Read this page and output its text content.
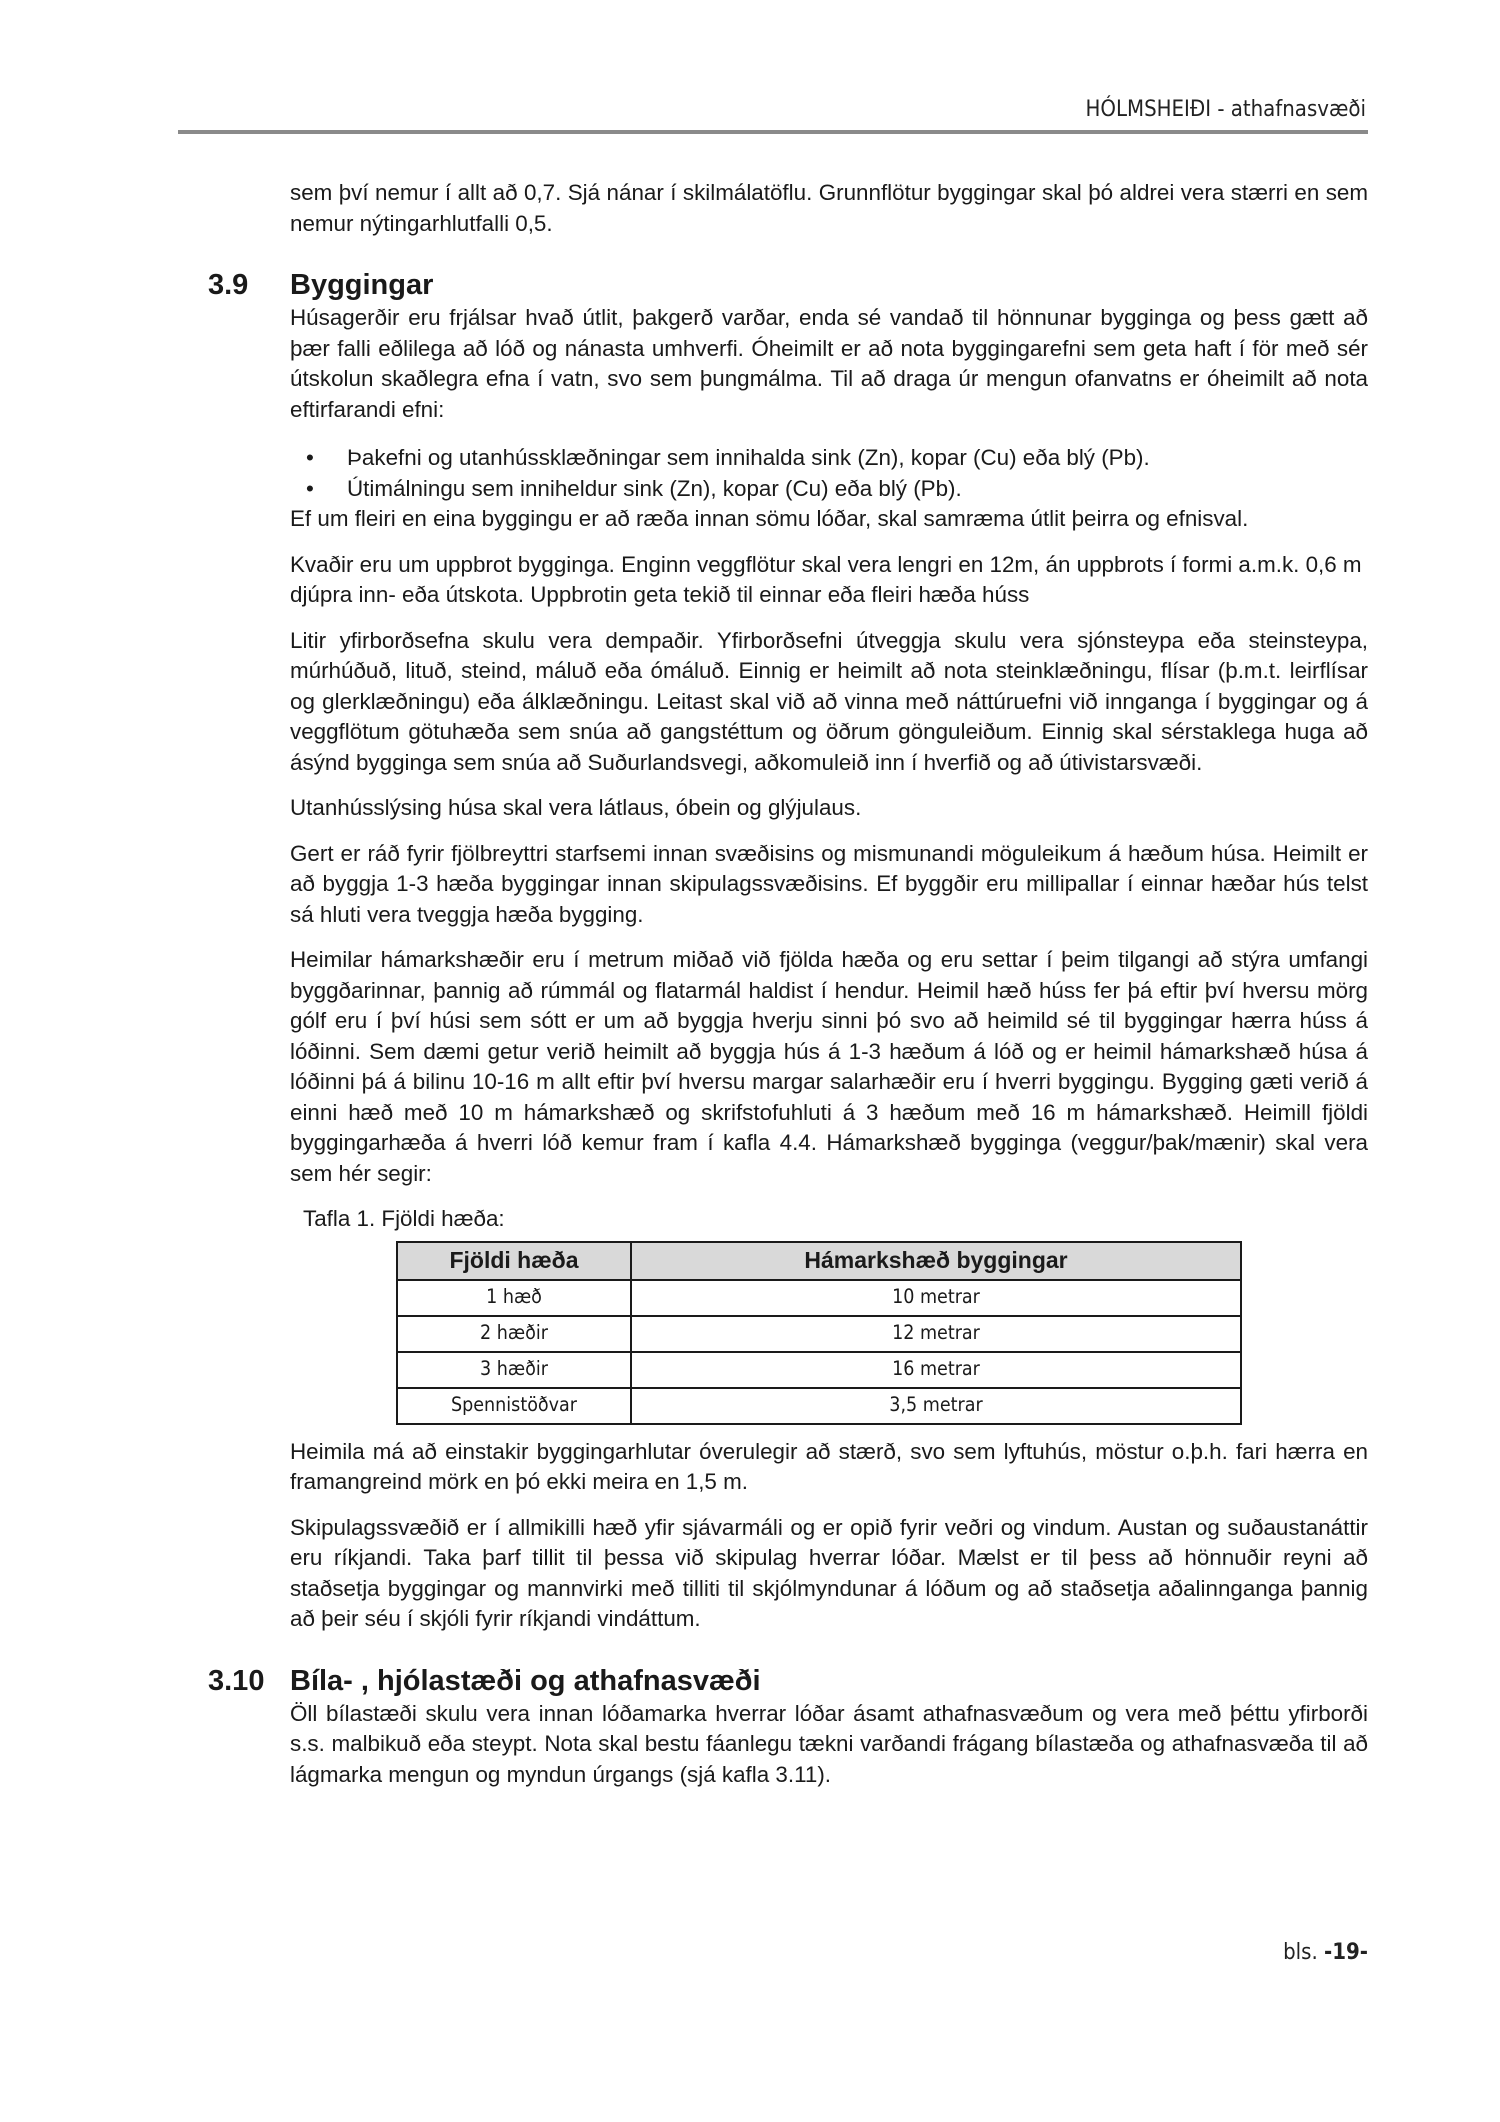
HÓLMSHEIÐI - athafnasvæði

sem því nemur í allt að 0,7. Sjá nánar í skilmálatöflu. Grunnflötur byggingar skal þó aldrei vera stærri en sem nemur nýtingarhlutfalli 0,5.

3.9	Byggingar

Húsagerðir eru frjálsar hvað útlit, þakgerð varðar, enda sé vandað til hönnunar bygginga og þess gætt að þær falli eðlilega að lóð og nánasta umhverfi. Óheimilt er að nota byggingarefni sem geta haft í för með sér útskolun skaðlegra efna í vatn, svo sem þungmálma. Til að draga úr mengun ofanvatns er óheimilt að nota eftirfarandi efni:

• Þakefni og utanhússklæðningar sem innihalda sink (Zn), kopar (Cu) eða blý (Pb).
• Útimálningu sem inniheldur sink (Zn), kopar (Cu) eða blý (Pb).

Ef um fleiri en eina byggingu er að ræða innan sömu lóðar, skal samræma útlit þeirra og efnisval.

Kvaðir eru um uppbrot bygginga. Enginn veggflötur skal vera lengri en 12m, án uppbrots í formi a.m.k. 0,6 m djúpra inn- eða útskota. Uppbrotin geta tekið til einnar eða fleiri hæða húss

Litir yfirborðsefna skulu vera dempaðir. Yfirborðsefni útveggja skulu vera sjónsteypa eða steinsteypa, múrhúðuð, lituð, steind, máluð eða ómáluð. Einnig er heimilt að nota steinklæðningu, flísar (þ.m.t. leirflísar og glerklæðningu) eða álklæðningu. Leitast skal við að vinna með náttúruefni við innganga í byggingar og á veggflötum götuhæða sem snúa að gangstéttum og öðrum gönguleiðum. Einnig skal sérstaklega huga að ásýnd bygginga sem snúa að Suðurlandsvegi, aðkomuleið inn í hverfið og að útivistarsvæði.

Utanhússlýsing húsa skal vera látlaus, óbein og glýjulaus.

Gert er ráð fyrir fjölbreyttri starfsemi innan svæðisins og mismunandi möguleikum á hæðum húsa. Heimilt er að byggja 1-3 hæða byggingar innan skipulagssvæðisins. Ef byggðir eru millipallar í einnar hæðar hús telst sá hluti vera tveggja hæða bygging.

Heimilar hámarkshæðir eru í metrum miðað við fjölda hæða og eru settar í þeim tilgangi að stýra umfangi byggðarinnar, þannig að rúmmál og flatarmál haldist í hendur. Heimil hæð húss fer þá eftir því hversu mörg gólf eru í því húsi sem sótt er um að byggja hverju sinni þó svo að heimild sé til byggingar hærra húss á lóðinni. Sem dæmi getur verið heimilt að byggja hús á 1-3 hæðum á lóð og er heimil hámarkshæð húsa á lóðinni þá á bilinu 10-16 m allt eftir því hversu margar salarhæðir eru í hverri byggingu. Bygging gæti verið á einni hæð með 10 m hámarkshæð og skrifstofuhluti á 3 hæðum með 16 m hámarkshæð. Heimill fjöldi byggingarhæða á hverri lóð kemur fram í kafla 4.4. Hámarkshæð bygginga (veggur/þak/mænir) skal vera sem hér segir:

Tafla 1. Fjöldi hæða:
Fjöldi hæða	Hámarkshæð byggingar
1 hæð	10 metrar
2 hæðir	12 metrar
3 hæðir	16 metrar
Spennistöðvar	3,5 metrar

Heimila má að einstakir byggingarhlutar óverulegir að stærð, svo sem lyftuhús, möstur o.þ.h. fari hærra en framangreind mörk en þó ekki meira en 1,5 m.

Skipulagssvæðið er í allmikilli hæð yfir sjávarmáli og er opið fyrir veðri og vindum. Austan og suðaustanáttir eru ríkjandi. Taka þarf tillit til þessa við skipulag hverrar lóðar. Mælst er til þess að hönnuðir reyni að staðsetja byggingar og mannvirki með tilliti til skjólmyndunar á lóðum og að staðsetja aðalinnganga þannig að þeir séu í skjóli fyrir ríkjandi vindáttum.

3.10 Bíla- , hjólastæði og athafnasvæði

Öll bílastæði skulu vera innan lóðamarka hverrar lóðar ásamt athafnasvæðum og vera með þéttu yfirborði s.s. malbikuð eða steypt. Nota skal bestu fáanlegu tækni varðandi frágang bílastæða og athafnasvæða til að lágmarka mengun og myndun úrgangs (sjá kafla 3.11).

bls. -19-
